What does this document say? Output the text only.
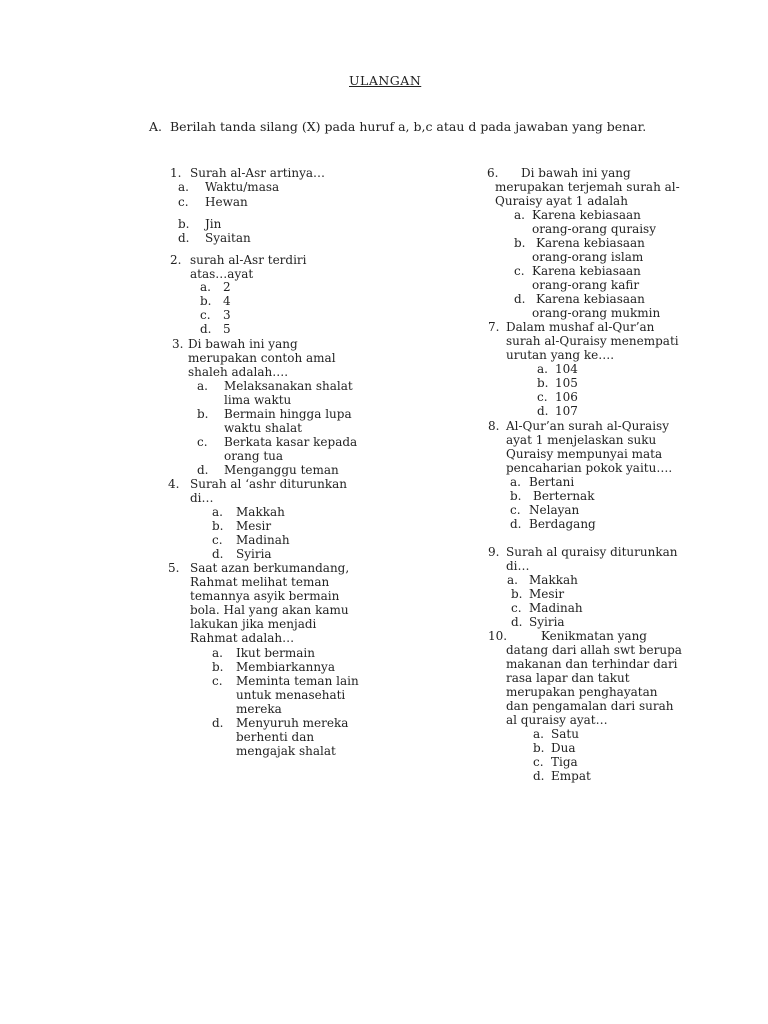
ULANGAN
A. Berilah tanda silang (X) pada huruf a, b,c atau d pada jawaban yang benar.
1. Surah al-Asr artinya…
a. Waktu/masa
c. Hewan
b. Jin
d. Syaitan
2. surah al-Asr terdiri
atas…ayat
a. 2
b. 4
c. 3
d. 5
3. Di bawah ini yang
merupakan contoh amal
shaleh adalah….
a. Melaksanakan shalat
lima waktu
b. Bermain hingga lupa
waktu shalat
c. Berkata kasar kepada
orang tua
d. Menganggu teman
4. Surah al ‘ashr diturunkan
di…
a. Makkah
b. Mesir
c. Madinah
d. Syiria
5. Saat azan berkumandang,
Rahmat melihat teman
temannya asyik bermain
bola. Hal yang akan kamu
lakukan jika menjadi
Rahmat adalah…
a. Ikut bermain
b. Membiarkannya
c. Meminta teman lain
untuk menasehati
mereka
d. Menyuruh mereka
berhenti dan
mengajak shalat
6. Di bawah ini yang
merupakan terjemah surah al-
Quraisy ayat 1 adalah
a. Karena kebiasaan
orang-orang quraisy
b. Karena kebiasaan
orang-orang islam
c. Karena kebiasaan
orang-orang kafir
d. Karena kebiasaan
orang-orang mukmin
7. Dalam mushaf al-Qur’an
surah al-Quraisy menempati
urutan yang ke….
a. 104
b. 105
c. 106
d. 107
8. Al-Qur’an surah al-Quraisy
ayat 1 menjelaskan suku
Quraisy mempunyai mata
pencaharian pokok yaitu….
a. Bertani
b. Berternak
c. Nelayan
d. Berdagang
9. Surah al quraisy diturunkan
di…
a. Makkah
b. Mesir
c. Madinah
d. Syiria
10.	Kenikmatan yang
datang dari allah swt berupa
makanan dan terhindar dari
rasa lapar dan takut
merupakan penghayatan
dan pengamalan dari surah
al quraisy ayat…
a. Satu
b. Dua
c. Tiga
d. Empat
